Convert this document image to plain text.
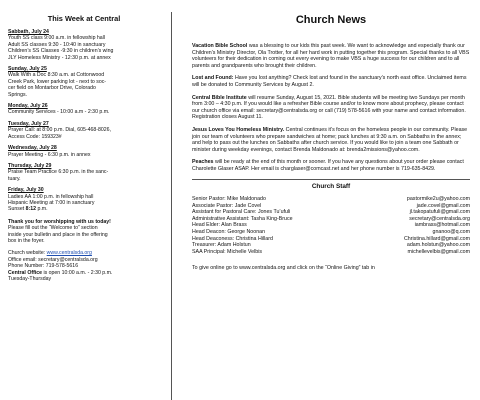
This Week at Central
Sabbath, July 24
Youth SS class 9:00 a.m. in fellowship hall
Adult SS classes 9:30 - 10:40 in sanctuary
Children’s SS Classes -9:30 in children’s wing
JLY Homeless Ministry - 12:30 p.m. at annex
Sunday, July 25
Walk With a Doc 8:30 a.m. at Cottonwood
Creek Park, lower parking lot - next to soc-
cer field on Montarbor Drive, Colorado
Springs.
Monday, July 26
Community Services - 10:00 a.m - 2:30 p.m.
Tuesday, July 27
Prayer Call: at 8:00 p.m. Dial, 605-468-8026,
Access Code: 159323#
Wednesday, July 28
Prayer Meeting - 6:30 p.m. in annex
Thursday, July 29
Praise Team Practice 6:30 p.m. in the sanc-
tuary.
Friday, July 30
Ladies AA 1:00 p.m. in fellowship hall
Hispanic Meeting at 7:00 in sanctuary
Sunset 8:12 p.m.
Thank you for worshipping with us today!
Please fill out the “Welcome to” section
inside your bulletin and place in the offering
box in the foyer.
Church website: www.centralsda.org
Office email: secretary@centralsda.org
Phone Number: 719-578-5616
Central Office is open 10:00 a.m. - 2:30 p.m.
Tuesday-Thursday
Church News

Vacation Bible School was a blessing to our kids this past week. We want to acknowledge and especially thank our Children’s Ministry Director, Ola Trotter, for all her hard work in putting together this program. Special thanks to all VBS volunteers for their dedication in coming out every evening to make VBS a huge success for our children and to all parents and grandparents who brought their children.

Lost and Found: Have you lost anything? Check lost and found in the sanctuary’s north east office. Unclaimed items will be donated to Community Services by August 2.

Central Bible Institute will resume Sunday, August 15, 2021. Bible students will be meeting two Sundays per month from 3:00 – 4:30 p.m. If you would like a refresher Bible course and/or to know more about prophecy, please contact our church office via email: secretary@centralsda.org or call (719) 578-5616 with your name and contact information. Registration closes August 11.

Jesus Loves You Homeless Ministry. Central continues it’s focus on the homeless people in our community. Please join our team of volunteers who prepare sandwiches at home; pack lunches at 9:30 a.m. on Sabbaths in the annex; and help to pass out the lunches on Sabbaths after church service. If you would like to join a team one Sabbath or minister during weekday evenings, contact Brenda Maldonado at: brenda2missions@yahoo.com.

Peaches will be ready at the end of this month or sooner. If you have any questions about your order please contact Charolette Glaser ASAP. Her email is charglaser@comcast.net and her phone number is 719-635-8429.

Church Staff
Senior Pastor: Mike Maldonado	pastormike2u@yahoo.com
Associate Pastor: Jade Covel	jade.covel@gmail.com
Assistant for Pastoral Care: Jones Tu’ufuli	jl.takopatufuli@gmail.com
Administrative Assistant: Tasha King-Bruce	secretary@centralsda.org
Head Elder: Alan Brass	iambrass@hotmail.com
Head Deacon: George Noonan	gnanoo@q.com
Head Deaconess: Christina Hillard	Christina.hillard@gmail.com
Treasurer: Adam Holstun	adam.holstun@yahoo.com
SAA Principal: Michelle Velbis	michellevelbis@gmail.com
To give online go to www.centralsda.org and click on the “Online Giving” tab in
